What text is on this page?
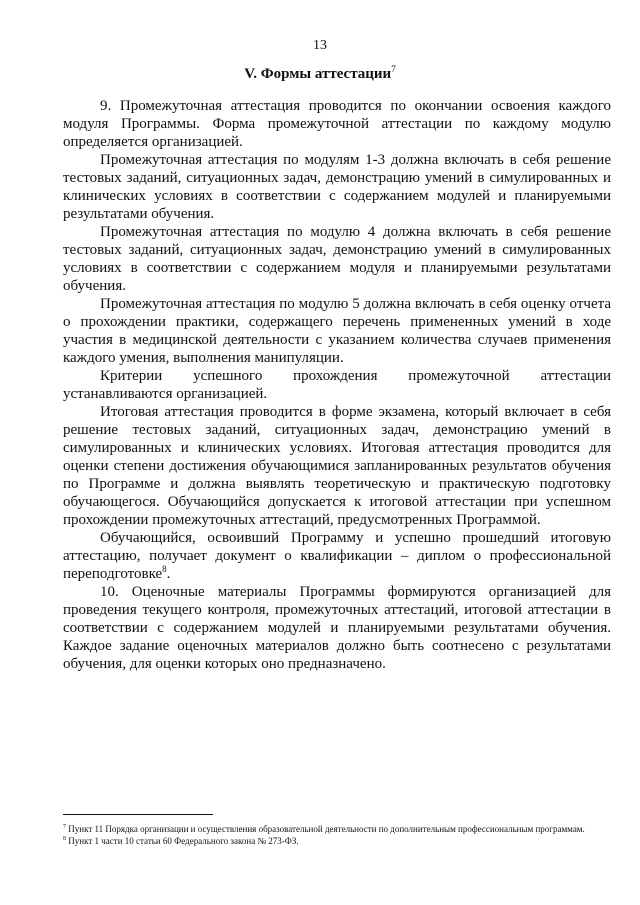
13
V. Формы аттестации$^7$

9. Промежуточная аттестация проводится по окончании освоения каждого модуля Программы. Форма промежуточной аттестации по каждому модулю определяется организацией.

Промежуточная аттестация по модулям 1-3 должна включать в себя решение тестовых заданий, ситуационных задач, демонстрацию умений в симулированных и клинических условиях в соответствии с содержанием модулей и планируемыми результатами обучения.

Промежуточная аттестация по модулю 4 должна включать в себя решение тестовых заданий, ситуационных задач, демонстрацию умений в симулированных условиях в соответствии с содержанием модуля и планируемыми результатами обучения.

Промежуточная аттестация по модулю 5 должна включать в себя оценку отчета о прохождении практики, содержащего перечень примененных умений в ходе участия в медицинской деятельности с указанием количества случаев применения каждого умения, выполнения манипуляции.

Критерии успешного прохождения промежуточной аттестации устанавливаются организацией.

Итоговая аттестация проводится в форме экзамена, который включает в себя решение тестовых заданий, ситуационных задач, демонстрацию умений в симулированных и клинических условиях. Итоговая аттестация проводится для оценки степени достижения обучающимися запланированных результатов обучения по Программе и должна выявлять теоретическую и практическую подготовку обучающегося. Обучающийся допускается к итоговой аттестации при успешном прохождении промежуточных аттестаций, предусмотренных Программой.

Обучающийся, освоивший Программу и успешно прошедший итоговую аттестацию, получает документ о квалификации – диплом о профессиональной переподготовке$^8$.

10. Оценочные материалы Программы формируются организацией для проведения текущего контроля, промежуточных аттестаций, итоговой аттестации в соответствии с содержанием модулей и планируемыми результатами обучения. Каждое задание оценочных материалов должно быть соотнесено с результатами обучения, для оценки которых оно предназначено.

$^7$ Пункт 11 Порядка организации и осуществления образовательной деятельности по дополнительным профессиональным программам.

$^8$ Пункт 1 части 10 статьи 60 Федерального закона № 273-ФЗ.
